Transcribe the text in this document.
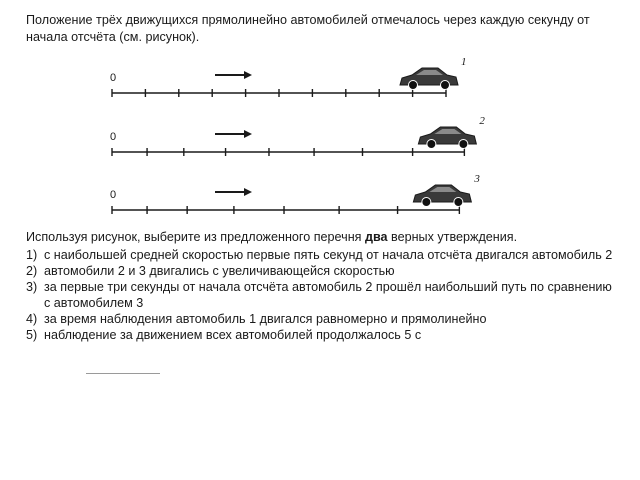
Положение трёх движущихся прямолинейно автомобилей отмечалось через каждую секунду от начала отсчёта (см. рисунок).

0
1
0
2
0
3

Используя рисунок, выберите из предложенного перечня два верных утверждения.

1) с наибольшей средней скоростью первые пять секунд от начала отсчёта двигался автомобиль 2
2) автомобили 2 и 3 двигались с увеличивающейся скоростью
3) за первые три секунды от начала отсчёта автомобиль 2 прошёл наибольший путь по сравнению с автомобилем 3
4) за время наблюдения автомобиль 1 двигался равномерно и прямолинейно
5) наблюдение за движением всех автомобилей продолжалось 5 с
